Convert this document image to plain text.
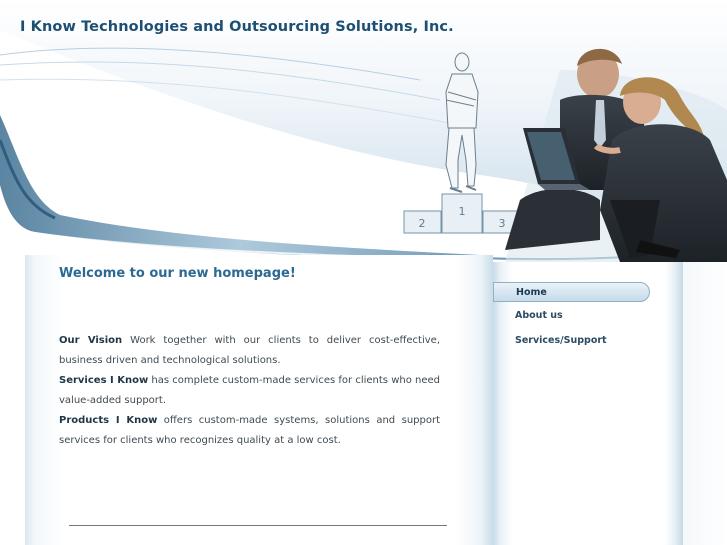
2
1
3
I Know Technologies and Outsourcing Solutions, Inc.
Welcome to our new homepage!

Our Vision Work together with our clients to deliver cost-effective, business driven and technological solutions.

Services I Know has complete custom-made services for clients who need value-added support.

Products I Know offers custom-made systems, solutions and support services for clients who recognizes quality at a low cost.

Home
About us
Services/Support
